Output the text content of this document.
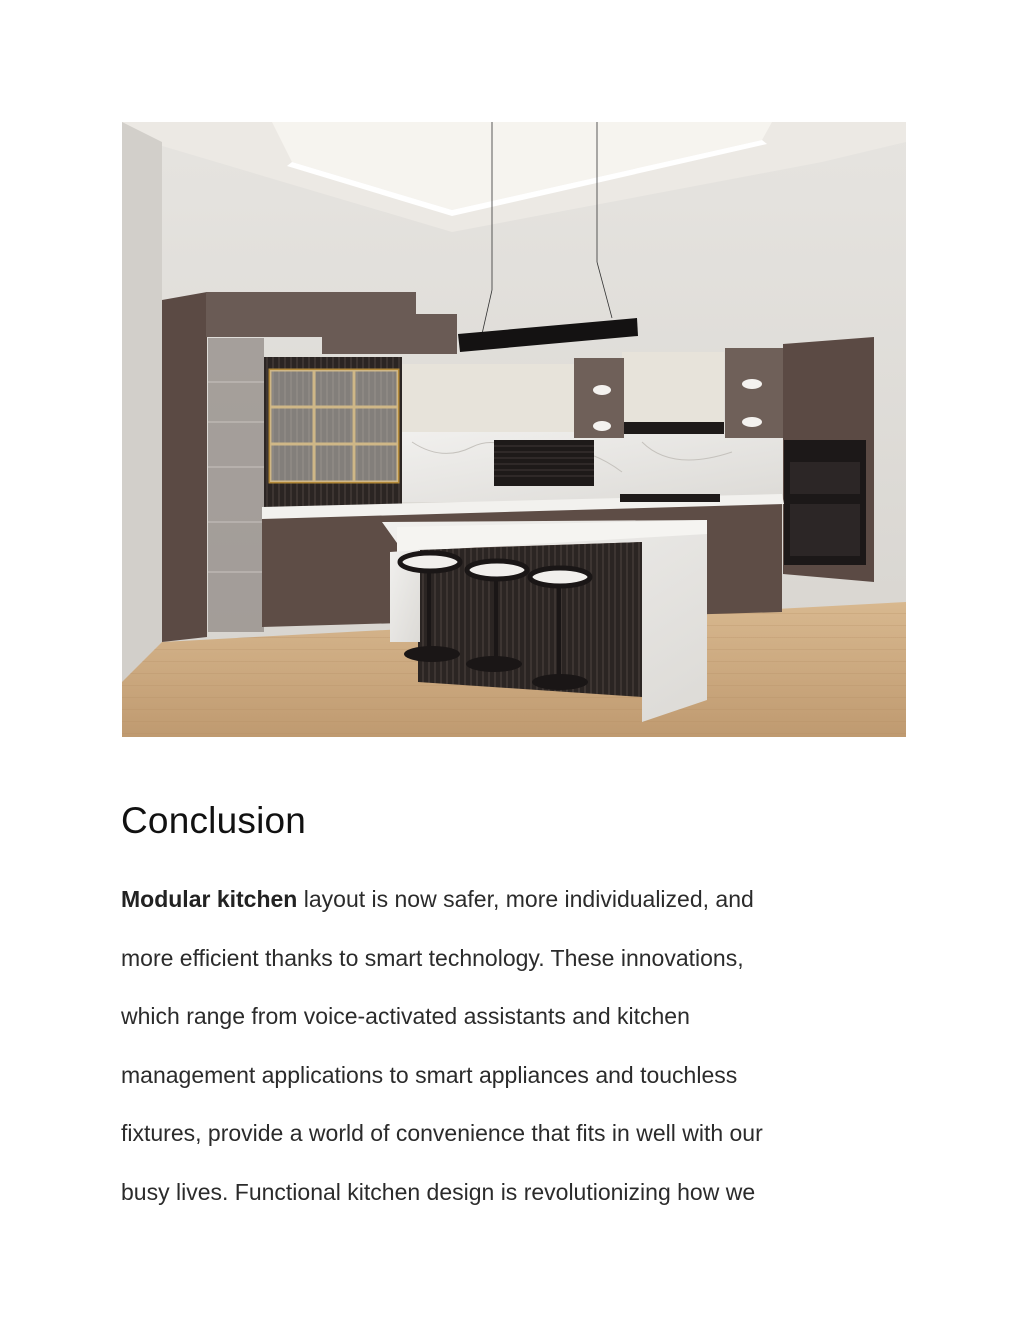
Conclusion

Modular kitchen layout is now safer, more individualized, and
more efficient thanks to smart technology. These innovations,
which range from voice-activated assistants and kitchen
management applications to smart appliances and touchless
fixtures, provide a world of convenience that fits in well with our
busy lives. Functional kitchen design is revolutionizing how we
